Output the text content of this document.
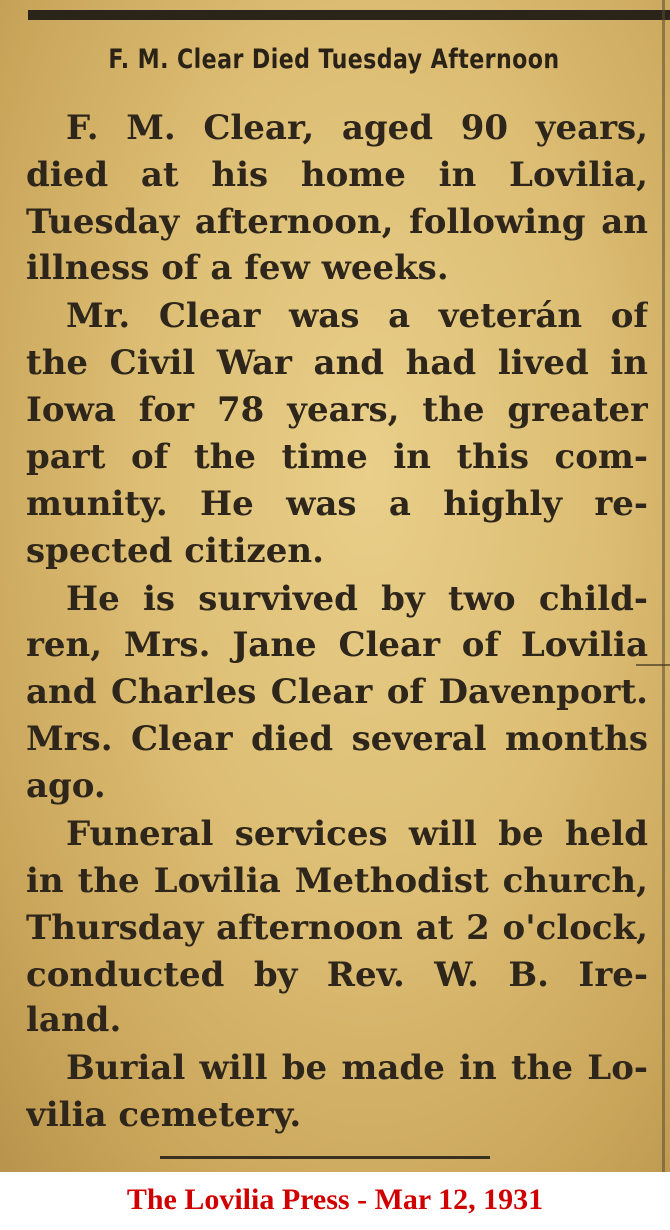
F. M. Clear Died Tuesday Afternoon
F. M. Clear, aged 90 years,
died at his home in Lovilia,
Tuesday afternoon, following an
illness of a few weeks.
Mr. Clear was a veterán of
the Civil War and had lived in
Iowa for 78 years, the greater
part of the time in this com-
munity. He was a highly re-
spected citizen.
He is survived by two child-
ren, Mrs. Jane Clear of Lovilia
and Charles Clear of Davenport.
Mrs. Clear died several months
ago.
Funeral services will be held
in the Lovilia Methodist church,
Thursday afternoon at 2 o'clock,
conducted by Rev. W. B. Ire-
land.
Burial will be made in the Lo-
vilia cemetery.
The Lovilia Press - Mar 12, 1931
